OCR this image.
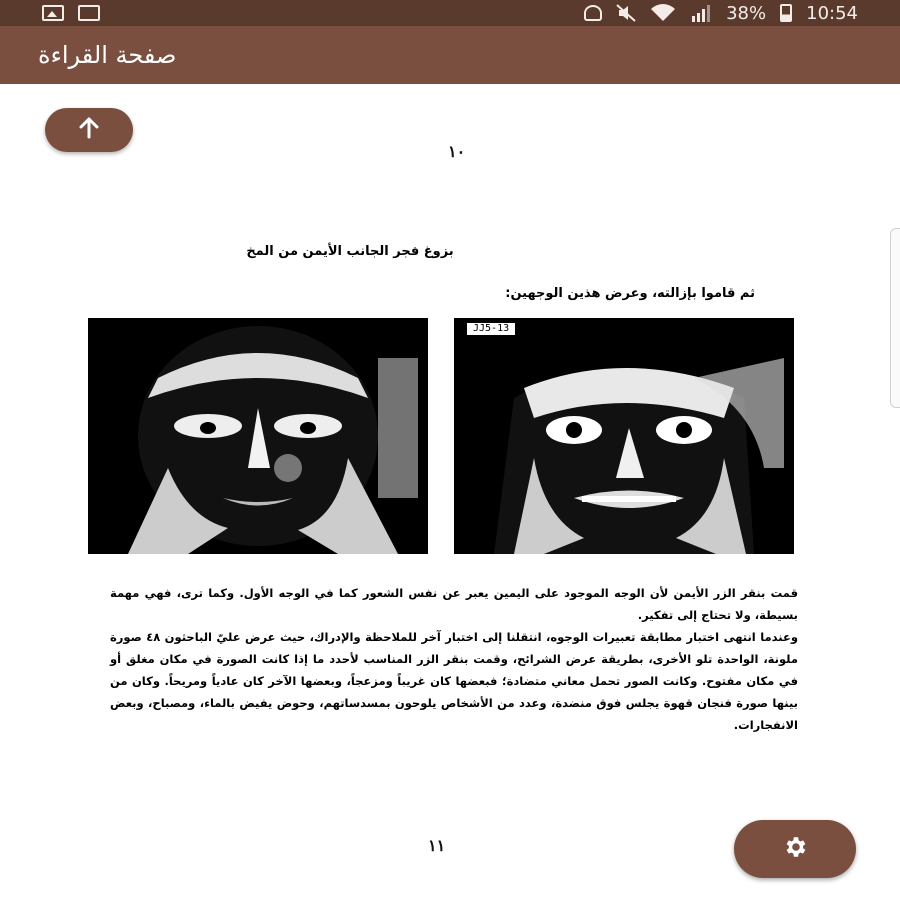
38% 10:54
صفحة القراءة
١٠
بزوغ فجر الجانب الأيمن من المخ
ثم قاموا بإزالته، وعرض هذين الوجهين:
JJ5-13

قمت بنقر الزر الأيمن لأن الوجه الموجود على اليمين يعبر عن نفس الشعور كما في الوجه الأول. وكما ترى، فهي مهمة بسيطة، ولا تحتاج إلى تفكير.

وعندما انتهى اختبار مطابقة تعبيرات الوجوه، انتقلنا إلى اختبار آخر للملاحظة والإدراك، حيث عرض عليّ الباحثون ٤٨ صورة ملونة، الواحدة تلو الأخرى، بطريقة عرض الشرائح، وقمت بنقر الزر المناسب لأحدد ما إذا كانت الصورة في مكان مغلق أو في مكان مفتوح. وكانت الصور تحمل معاني متضادة؛ فبعضها كان غريباً ومزعجاً، وبعضها الآخر كان عادياً ومريحاً. وكان من بينها صورة فنجان قهوة يجلس فوق منضدة، وعدد من الأشخاص يلوحون بمسدساتهم، وحوض يفيض بالماء، ومصباح، وبعض الانفجارات.

١١
